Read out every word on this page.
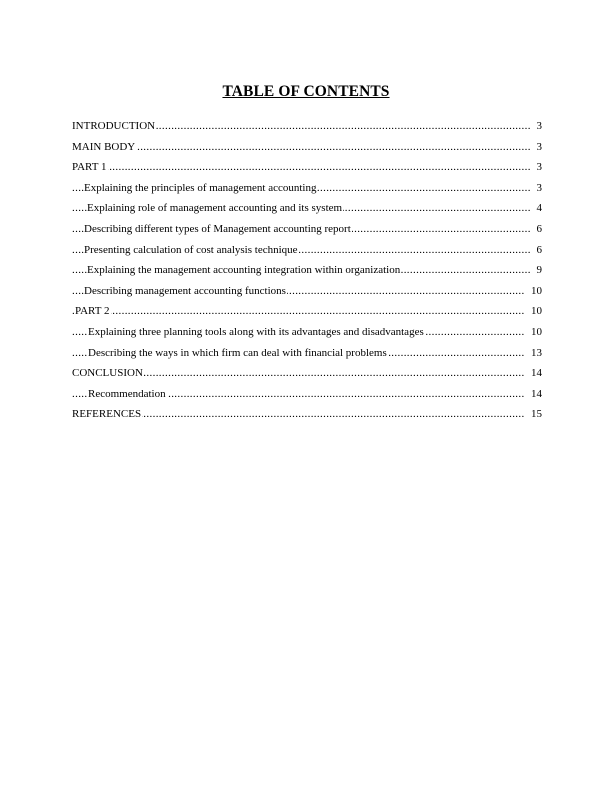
TABLE OF CONTENTS
.....
INTRODUCTION	3
.....
MAIN BODY	3
.....
PART 1	3
.....
Explaining the principles of management accounting	3
.....
Explaining role of management accounting and its system	4
.....
Describing different types of Management accounting report	6
.....
Presenting calculation of cost analysis technique	6
.....
Explaining the management accounting integration within organization	9
.....
Describing management accounting functions	10
.....
PART 2	10
.....
Explaining three planning tools along with its advantages and disadvantages	10
.....
Describing the ways in which firm can deal with financial problems	13
.....
CONCLUSION	14
.....
Recommendation	14
.....
REFERENCES	15
